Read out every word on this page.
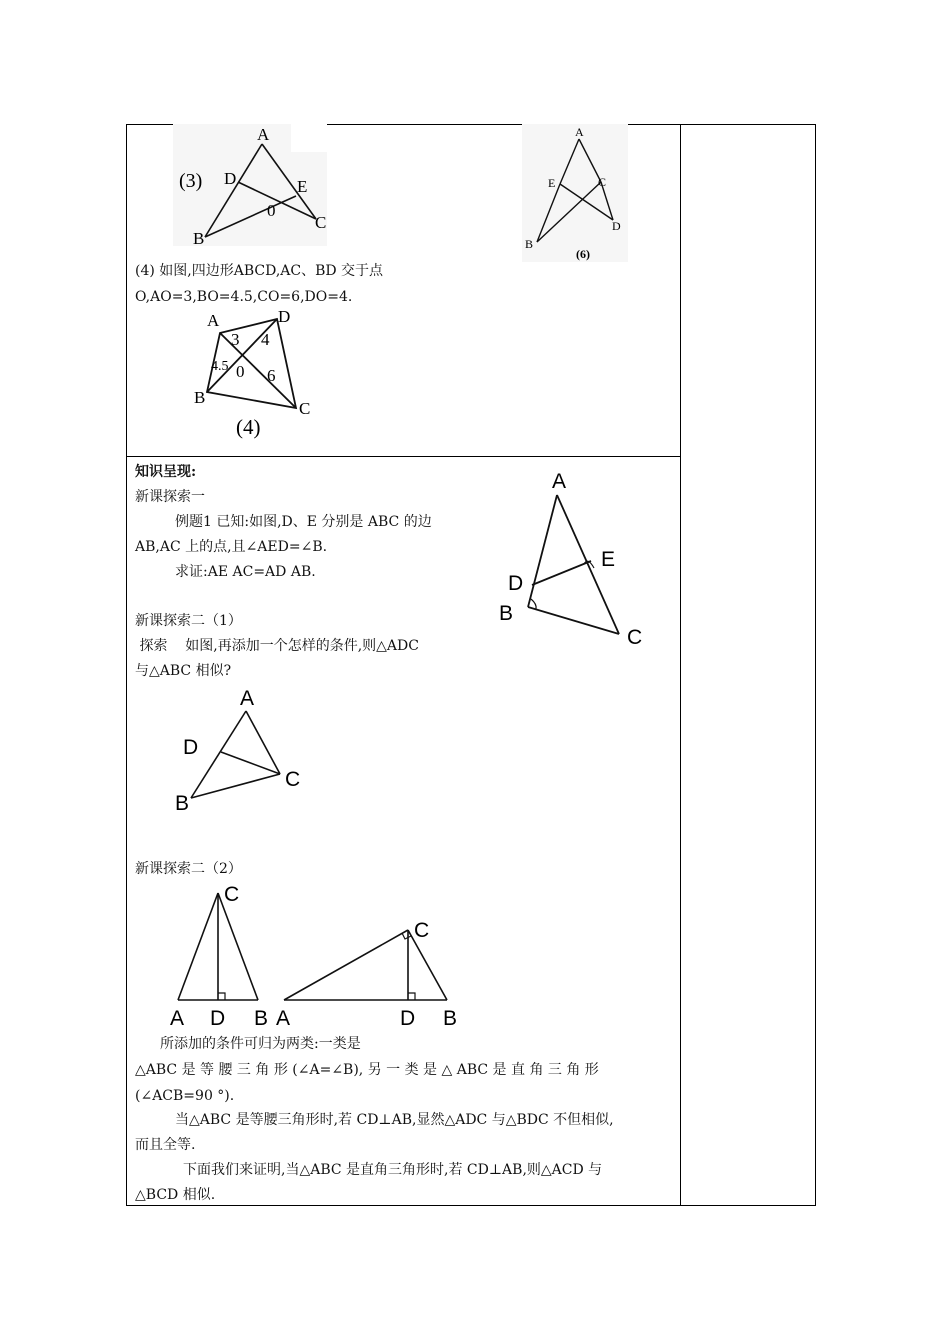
(3)
A
D	E
0
C
B
A
E	C
D
B
(6)
(4) 如图,四边形ABCD,AC、BD 交于点
O,AO=3,BO=4.5,CO=6,DO=4.
A	D
3 4
4.5 0 6
B
C
(4)
知识呈现:
新课探索一
例题1 已知:如图,D、E 分别是 ABC 的边
AB,AC 上的点,且∠AED=∠B.
求证:AE AC=AD AB.
A
E
D
B
C
新课探索二（1）
探索    如图,再添加一个怎样的条件,则△ADC
与△ABC 相似?
A
D
C
B
新课探索二（2）
C
A D B
C
A	D B
所添加的条件可归为两类:一类是
△ABC 是 等 腰 三 角 形 (∠A=∠B), 另 一 类 是 △ ABC 是 直 角 三 角 形
(∠ACB=90 °).
当△ABC 是等腰三角形时,若 CD⊥AB,显然△ADC 与△BDC 不但相似,
而且全等.
下面我们来证明,当△ABC 是直角三角形时,若 CD⊥AB,则△ACD 与
△BCD 相似.
